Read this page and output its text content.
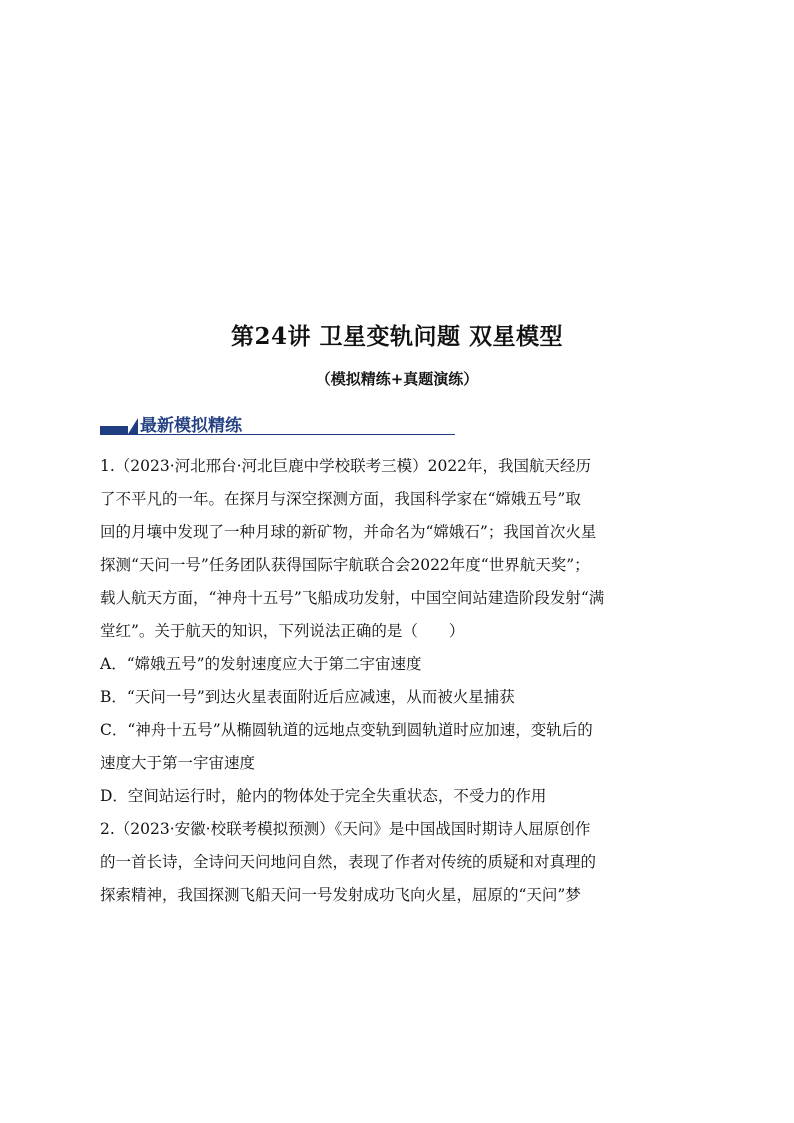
第24讲 卫星变轨问题 双星模型
（模拟精练+真题演练）
最新模拟精练
1.（2023·河北邢台·河北巨鹿中学校联考三模）2022年，我国航天经历
了不平凡的一年。在探月与深空探测方面，我国科学家在“嫦娥五号”取
回的月壤中发现了一种月球的新矿物，并命名为“嫦娥石”；我国首次火星
探测“天问一号”任务团队获得国际宇航联合会2022年度“世界航天奖”；
载人航天方面，“神舟十五号”飞船成功发射，中国空间站建造阶段发射“满
堂红”。关于航天的知识，下列说法正确的是（　　）
A．“嫦娥五号”的发射速度应大于第二宇宙速度
B．“天问一号”到达火星表面附近后应减速，从而被火星捕获
C．“神舟十五号”从椭圆轨道的远地点变轨到圆轨道时应加速，变轨后的
速度大于第一宇宙速度
D．空间站运行时，舱内的物体处于完全失重状态，不受力的作用
2.（2023·安徽·校联考模拟预测）《天问》是中国战国时期诗人屈原创作
的一首长诗，全诗问天问地问自然，表现了作者对传统的质疑和对真理的
探索精神，我国探测飞船天问一号发射成功飞向火星，屈原的“天问”梦
